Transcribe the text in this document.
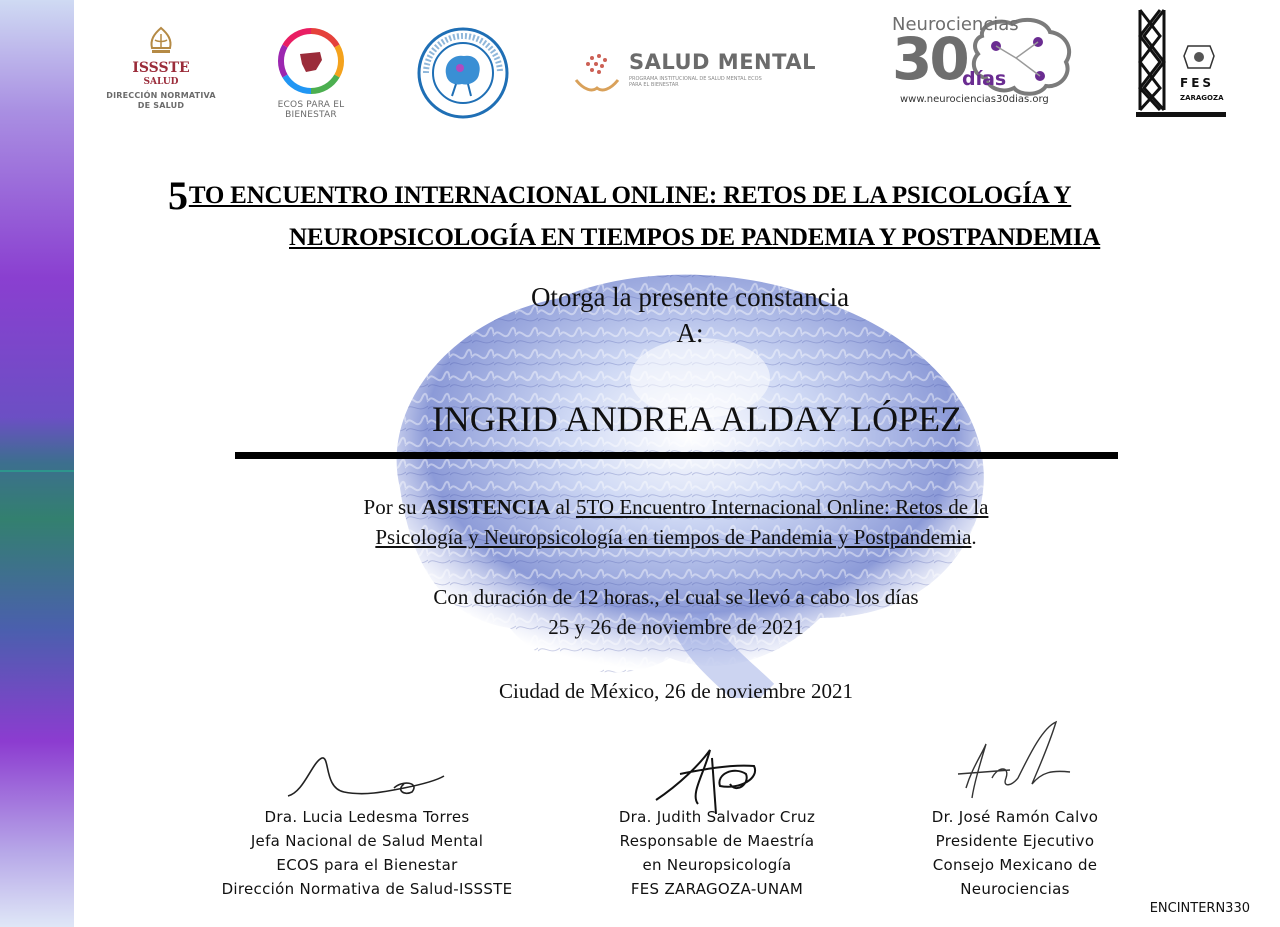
ISSSTE
SALUD
DIRECCIÓN NORMATIVA DE SALUD	ECOS PARA EL BIENESTAR
SALUD MENTAL
PROGRAMA INSTITUCIONAL DE SALUD MENTAL ECOS PARA EL BIENESTAR
Neurociencias
30
días
www.neurociencias30dias.org
FES
ZARAGOZA
5TO ENCUENTRO INTERNACIONAL ONLINE: RETOS DE LA PSICOLOGÍA Y
NEUROPSICOLOGÍA EN TIEMPOS DE PANDEMIA Y POSTPANDEMIA
Otorga la presente constancia
A:
INGRID ANDREA ALDAY LÓPEZ
Por su ASISTENCIA al 5TO Encuentro Internacional Online: Retos de la
Psicología y Neuropsicología en tiempos de Pandemia y Postpandemia.
Con duración de 12 horas., el cual se llevó a cabo los días
25 y 26 de noviembre de 2021
Ciudad de México, 26 de noviembre 2021
Dra. Lucia Ledesma Torres
Jefa Nacional de Salud Mental
ECOS para el Bienestar
Dirección Normativa de Salud-ISSSTE
Dra. Judith Salvador Cruz
Responsable de Maestría
en Neuropsicología
FES ZARAGOZA-UNAM
Dr. José Ramón Calvo
Presidente Ejecutivo
Consejo Mexicano de
Neurociencias
ENCINTERN330
